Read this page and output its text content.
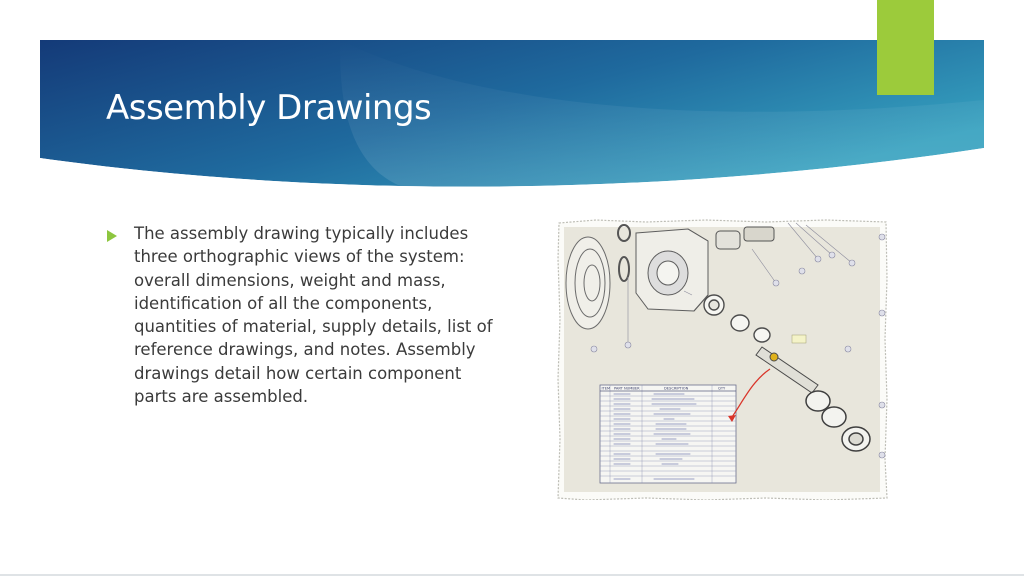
Assembly Drawings

The assembly drawing typically includes three orthographic views of the system: overall dimensions, weight and mass, identification of all the components, quantities of material, supply details, list of reference drawings, and notes. Assembly drawings detail how certain component parts are assembled.	ITEM PART NUMBER	DESCRIPTION	QTY
